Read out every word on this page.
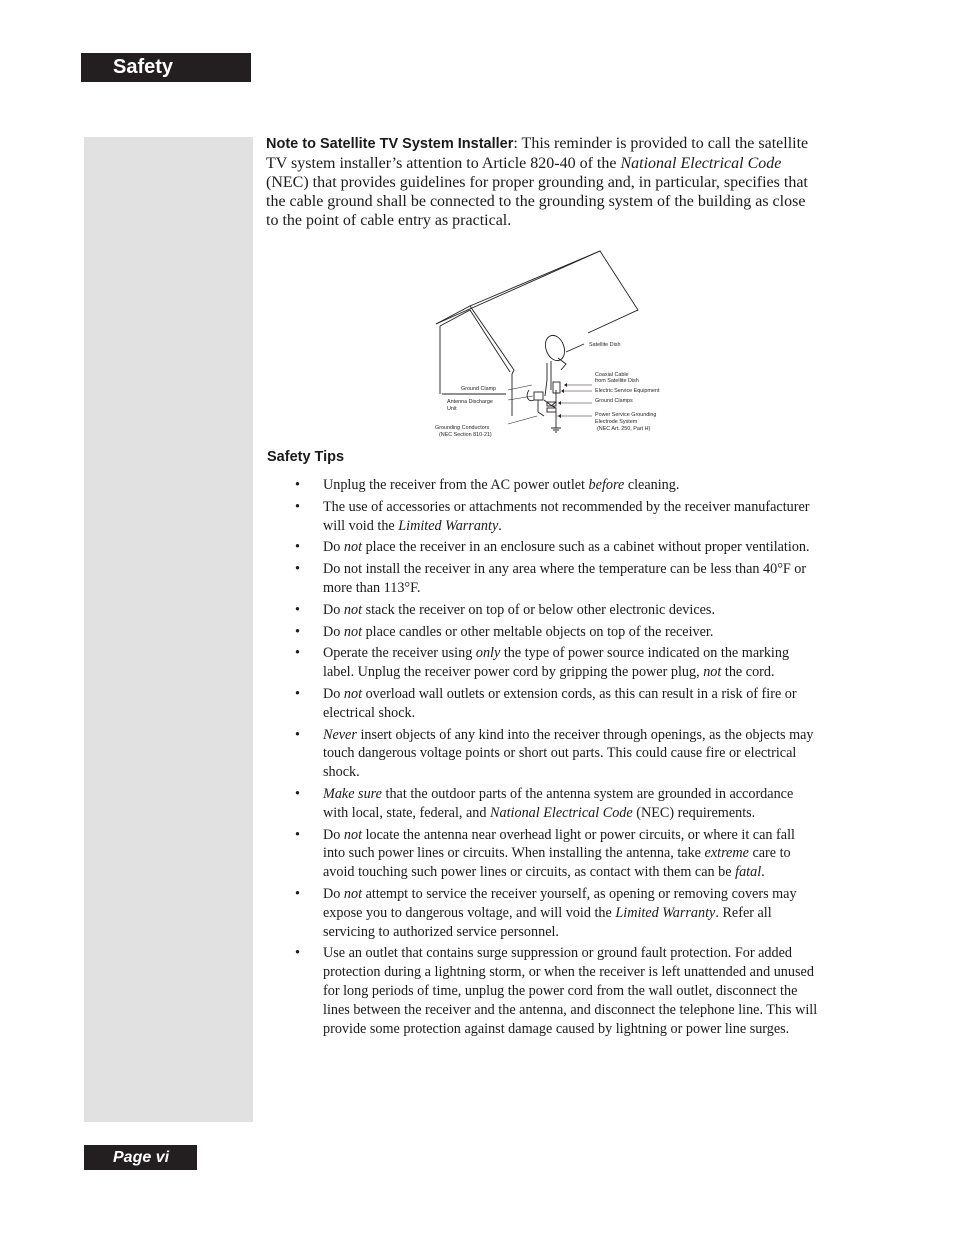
Safety

Note to Satellite TV System Installer: This reminder is provided to call the satellite TV system installer’s attention to Article 820-40 of the National Electrical Code (NEC) that provides guidelines for proper grounding and, in particular, specifies that the cable ground shall be connected to the grounding system of the building as close to the point of cable entry as practical.

Satellite Dish
Coaxial Cable
from Satellite Dish
Electric Service Equipment
Ground Clamps
Power Service Grounding
Electrode System
(NEC Art. 250, Part H)
Ground Clamp
Antenna Discharge
Unit
Grounding Conductors
(NEC Section 810-21)
Safety Tips
• Unplug the receiver from the AC power outlet before cleaning.
• The use of accessories or attachments not recommended by the receiver manufacturer will void the Limited Warranty.
• Do not place the receiver in an enclosure such as a cabinet without proper ventilation.
• Do not install the receiver in any area where the temperature can be less than 40°F or more than 113°F.
• Do not stack the receiver on top of or below other electronic devices.
• Do not place candles or other meltable objects on top of the receiver.
• Operate the receiver using only the type of power source indicated on the marking label. Unplug the receiver power cord by gripping the power plug, not the cord.
• Do not overload wall outlets or extension cords, as this can result in a risk of fire or electrical shock.
• Never insert objects of any kind into the receiver through openings, as the objects may touch dangerous voltage points or short out parts. This could cause fire or electrical shock.
• Make sure that the outdoor parts of the antenna system are grounded in accordance with local, state, federal, and National Electrical Code (NEC) requirements.
• Do not locate the antenna near overhead light or power circuits, or where it can fall into such power lines or circuits. When installing the antenna, take extreme care to avoid touching such power lines or circuits, as contact with them can be fatal.
• Do not attempt to service the receiver yourself, as opening or removing covers may expose you to dangerous voltage, and will void the Limited Warranty. Refer all servicing to authorized service personnel.
• Use an outlet that contains surge suppression or ground fault protection. For added protection during a lightning storm, or when the receiver is left unattended and unused for long periods of time, unplug the power cord from the wall outlet, disconnect the lines between the receiver and the antenna, and disconnect the telephone line. This will provide some protection against damage caused by lightning or power line surges.
Page vi
